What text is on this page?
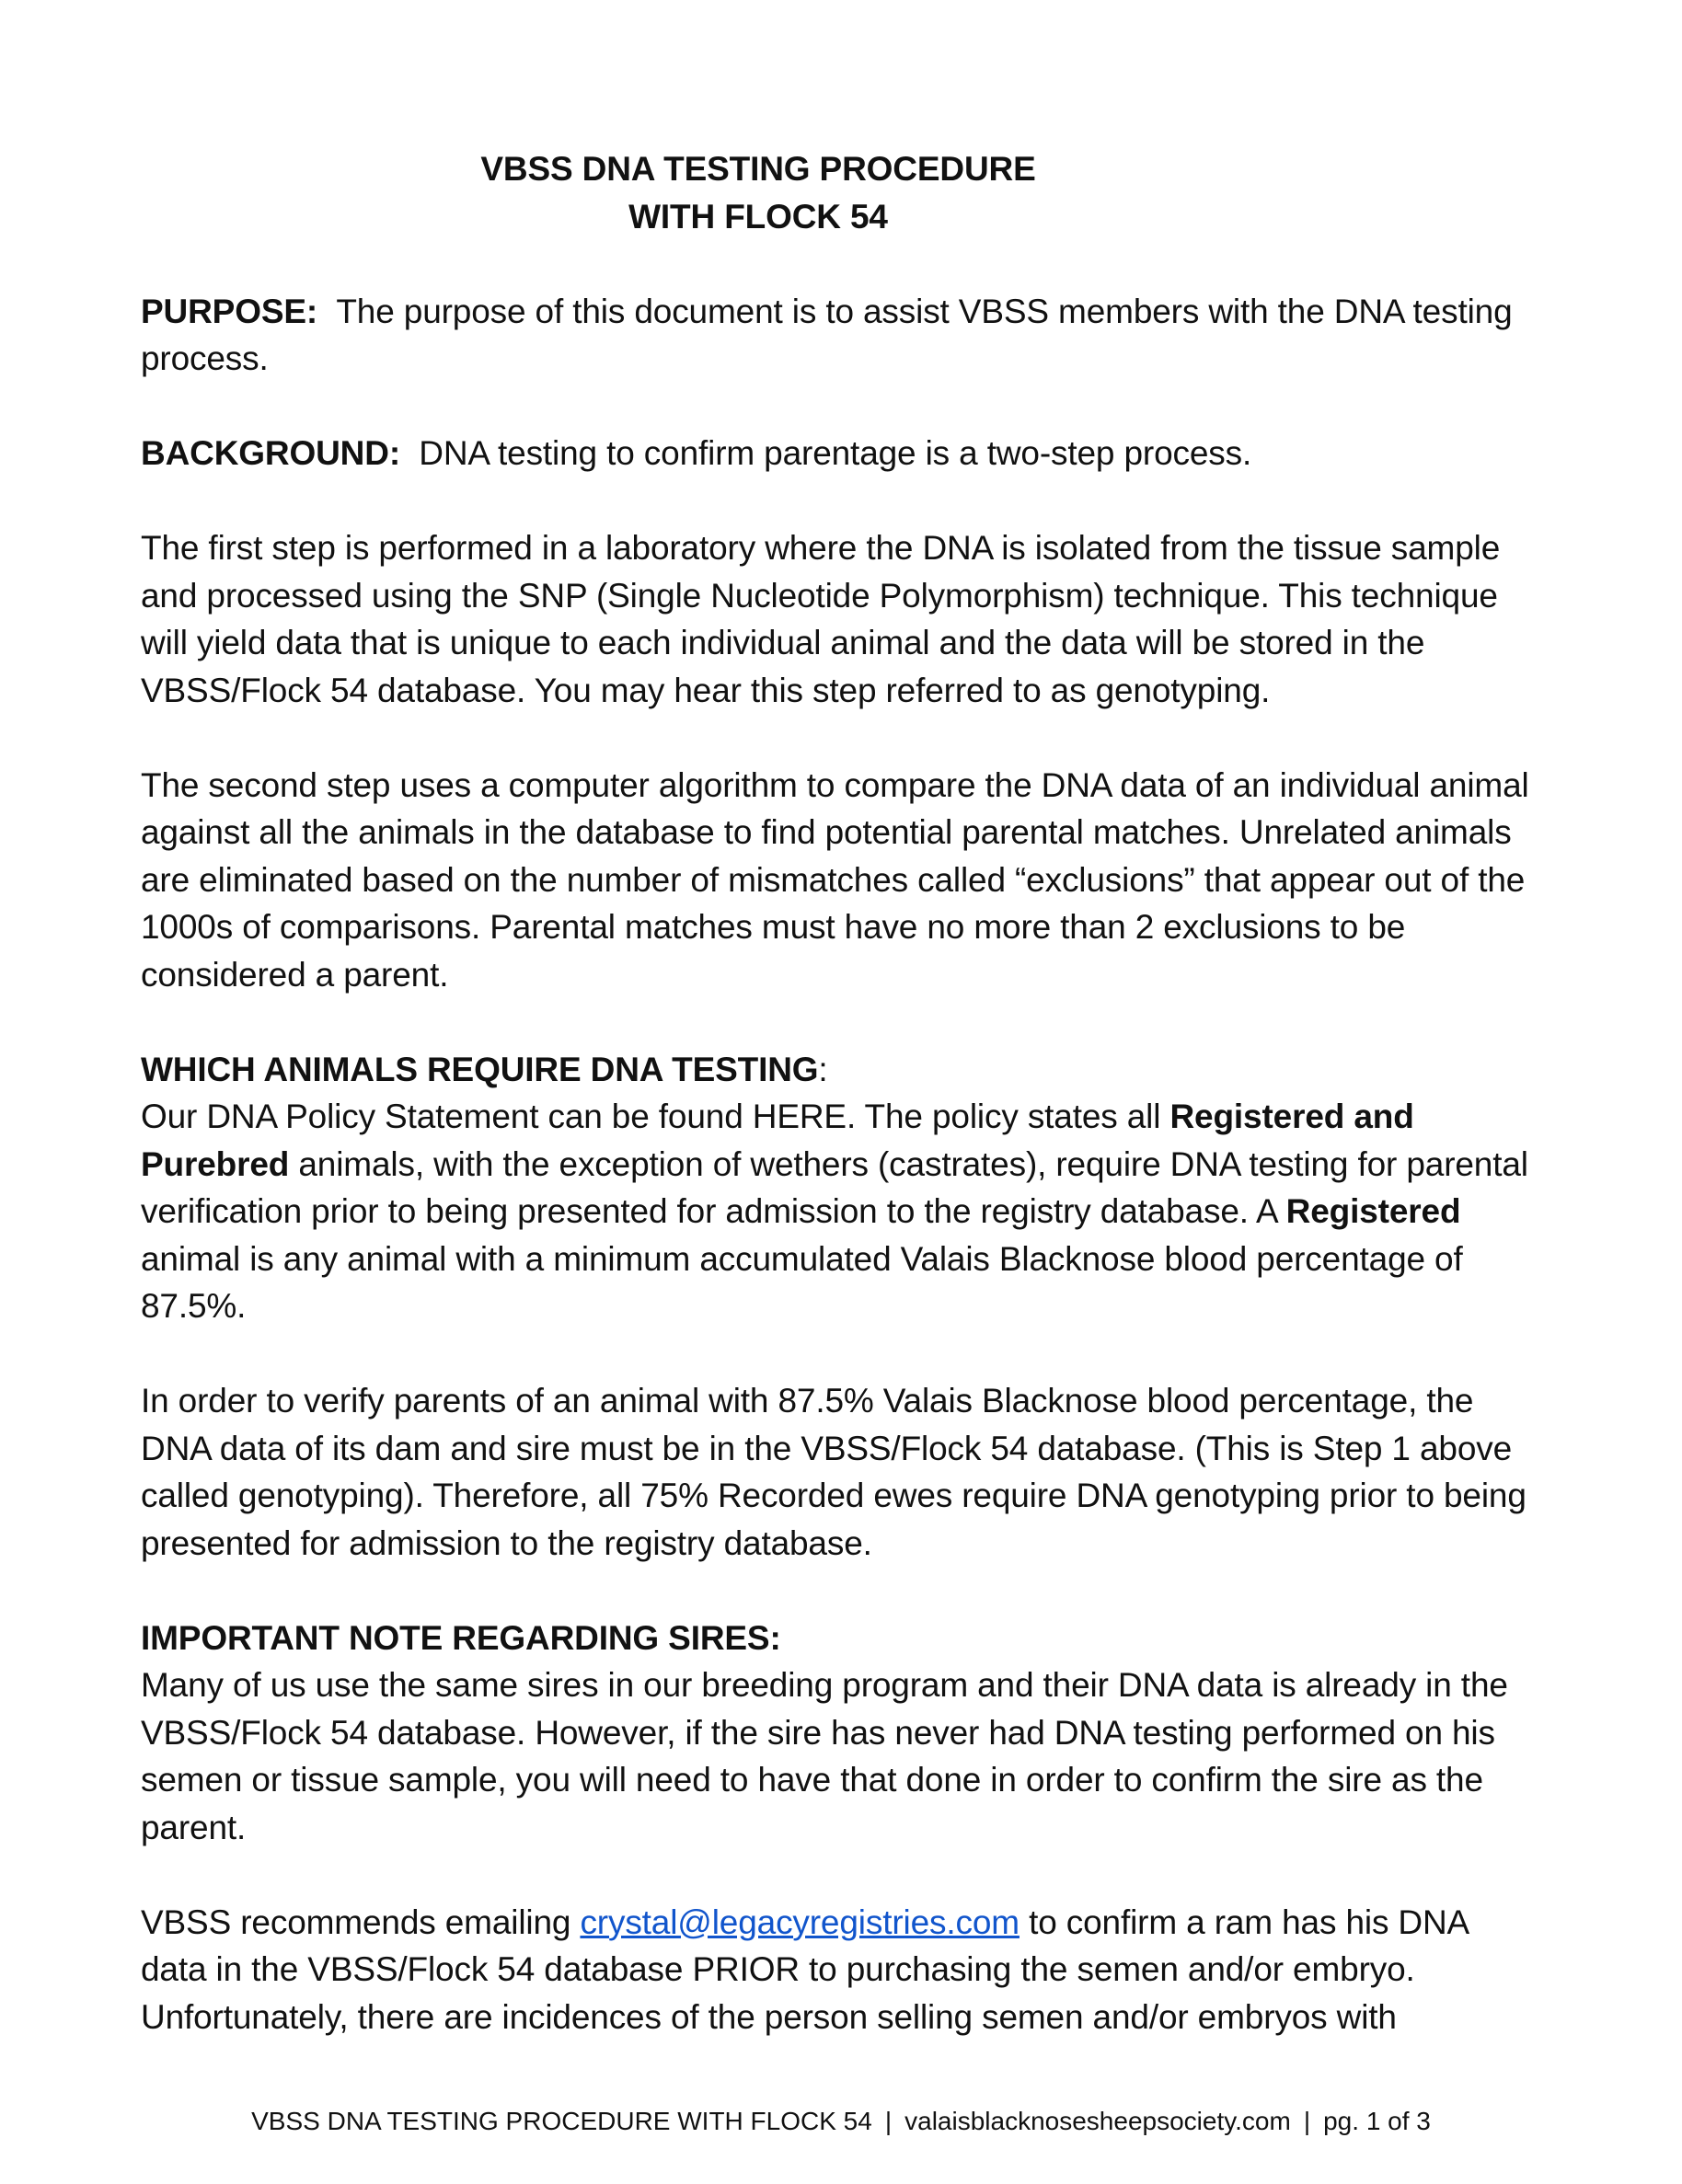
VBSS DNA TESTING PROCEDURE
WITH FLOCK 54

PURPOSE: The purpose of this document is to assist VBSS members with the DNA testing process.

BACKGROUND: DNA testing to confirm parentage is a two-step process.

The first step is performed in a laboratory where the DNA is isolated from the tissue sample and processed using the SNP (Single Nucleotide Polymorphism) technique. This technique will yield data that is unique to each individual animal and the data will be stored in the VBSS/Flock 54 database. You may hear this step referred to as genotyping.

The second step uses a computer algorithm to compare the DNA data of an individual animal against all the animals in the database to find potential parental matches. Unrelated animals are eliminated based on the number of mismatches called “exclusions” that appear out of the 1000s of comparisons. Parental matches must have no more than 2 exclusions to be considered a parent.

WHICH ANIMALS REQUIRE DNA TESTING:

Our DNA Policy Statement can be found HERE. The policy states all Registered and Purebred animals, with the exception of wethers (castrates), require DNA testing for parental verification prior to being presented for admission to the registry database. A Registered animal is any animal with a minimum accumulated Valais Blacknose blood percentage of 87.5%.

In order to verify parents of an animal with 87.5% Valais Blacknose blood percentage, the DNA data of its dam and sire must be in the VBSS/Flock 54 database. (This is Step 1 above called genotyping). Therefore, all 75% Recorded ewes require DNA genotyping prior to being presented for admission to the registry database.

IMPORTANT NOTE REGARDING SIRES:

Many of us use the same sires in our breeding program and their DNA data is already in the VBSS/Flock 54 database. However, if the sire has never had DNA testing performed on his semen or tissue sample, you will need to have that done in order to confirm the sire as the parent.

VBSS recommends emailing crystal@legacyregistries.com to confirm a ram has his DNA data in the VBSS/Flock 54 database PRIOR to purchasing the semen and/or embryo. Unfortunately, there are incidences of the person selling semen and/or embryos with

VBSS DNA TESTING PROCEDURE WITH FLOCK 54 | valaisblacknosesheepsociety.com | pg. 1 of 3
